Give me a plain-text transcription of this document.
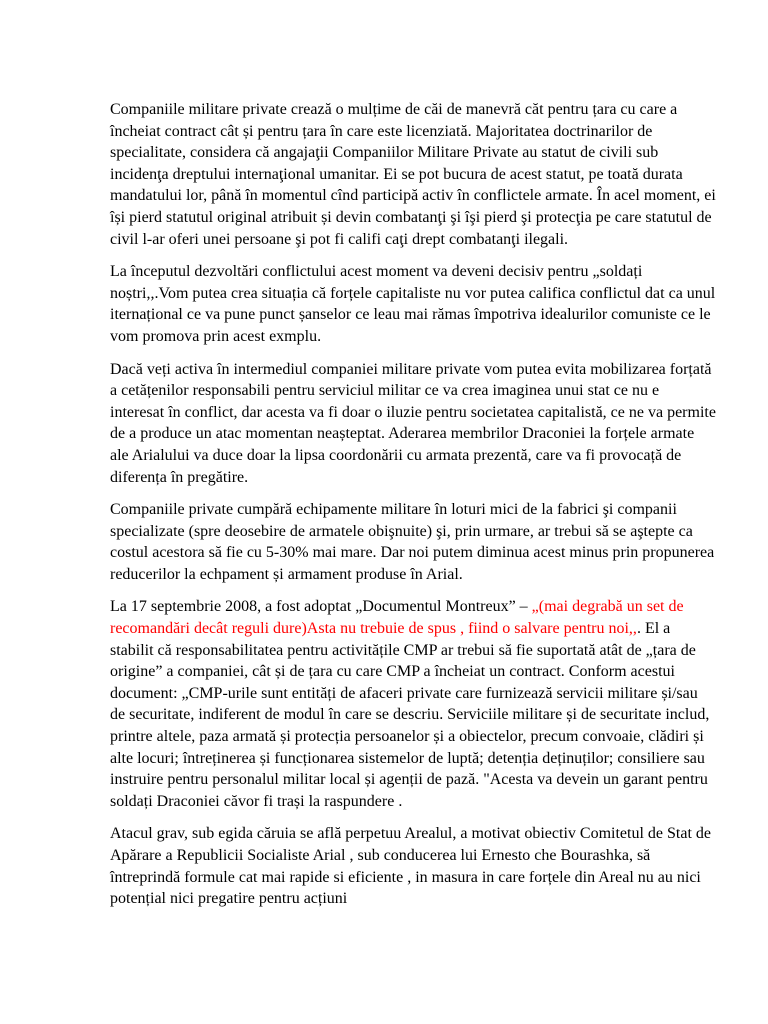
Companiile militare private crează o mulțime de căi de manevră căt pentru țara cu care a încheiat contract cât și pentru țara în care este licenziată. Majoritatea doctrinarilor de specialitate, considera că angajaţii Companiilor Militare Private au statut de civili sub incidenţa dreptului internaţional umanitar. Ei se pot bucura de acest statut, pe toată durata mandatului lor, până în momentul cînd participă activ în conflictele armate. În acel moment, ei își pierd statutul original atribuit și devin combatanţi şi îşi pierd şi protecţia pe care statutul de civil l-ar oferi unei persoane şi pot fi califi caţi drept combatanţi ilegali.

La începutul dezvoltări conflictului acest moment va deveni decisiv pentru „soldați noștri,,.Vom putea crea situația că forțele capitaliste nu vor putea califica conflictul dat ca unul iternațional ce va pune punct șanselor ce leau mai rămas împotriva idealurilor comuniste ce le vom promova prin acest exmplu.

Dacă veți activa în intermediul companiei militare private vom putea evita mobilizarea forțată a cetățenilor responsabili pentru serviciul militar ce va crea imaginea unui stat ce nu e interesat în conflict, dar acesta va fi doar o iluzie pentru societatea capitalistă, ce ne va permite de a produce un atac momentan neașteptat. Aderarea membrilor Draconiei la forțele armate ale Arialului va duce doar la lipsa coordonării cu armata prezentă, care va fi provocață de diferența în pregătire.

Companiile private cumpără echipamente militare în loturi mici de la fabrici şi companii specializate (spre deosebire de armatele obişnuite) şi, prin urmare, ar trebui să se aştepte ca costul acestora să fie cu 5-30% mai mare. Dar noi putem diminua acest minus prin propunerea reducerilor la echpament și armament produse în Arial.

La 17 septembrie 2008, a fost adoptat „Documentul Montreux” – „(mai degrabă un set de recomandări decât reguli dure)Asta nu trebuie de spus , fiind o salvare pentru noi,,. El a stabilit că responsabilitatea pentru activitățile CMP ar trebui să fie suportată atât de „țara de origine” a companiei, cât și de țara cu care CMP a încheiat un contract. Conform acestui document: „CMP-urile sunt entități de afaceri private care furnizează servicii militare și/sau de securitate, indiferent de modul în care se descriu. Serviciile militare și de securitate includ, printre altele, paza armată și protecția persoanelor și a obiectelor, precum convoaie, clădiri și alte locuri; întreținerea și funcționarea sistemelor de luptă; detenția deținuților; consiliere sau instruire pentru personalul militar local și agenții de pază. "Acesta va devein un garant pentru soldați Draconiei căvor fi trași la raspundere .

Atacul grav, sub egida căruia se află perpetuu Arealul, a motivat obiectiv Comitetul de Stat de Apărare a Republicii Socialiste Arial , sub conducerea lui Ernesto che Bourashka, să întreprindă formule cat mai rapide si eficiente , in masura in care forțele din Areal nu au nici potențial nici pregatire pentru acțiuni
